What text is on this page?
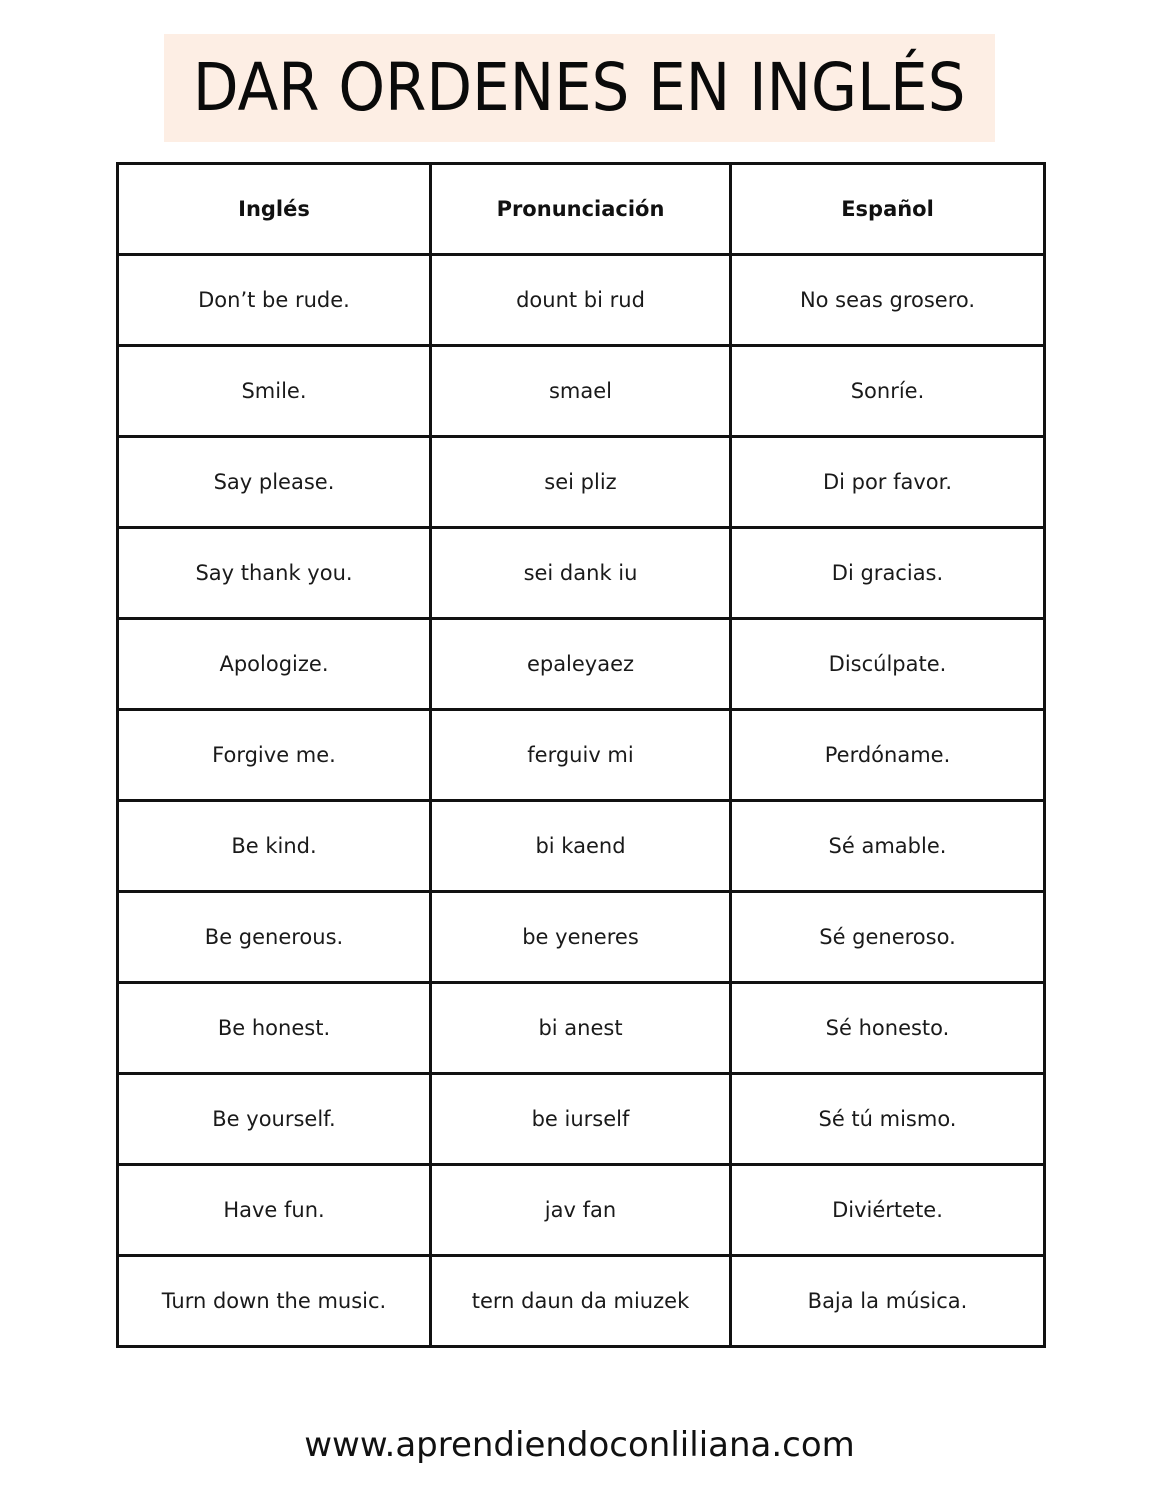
DAR ORDENES EN INGLÉS
Inglés	Pronunciación	Español
Don’t be rude.	dount bi rud	No seas grosero.
Smile.	smael	Sonríe.
Say please.	sei pliz	Di por favor.
Say thank you.	sei dank iu	Di gracias.
Apologize.	epaleyaez	Discúlpate.
Forgive me.	ferguiv mi	Perdóname.
Be kind.	bi kaend	Sé amable.
Be generous.	be yeneres	Sé generoso.
Be honest.	bi anest	Sé honesto.
Be yourself.	be iurself	Sé tú mismo.
Have fun.	jav fan	Diviértete.
Turn down the music.	tern daun da miuzek	Baja la música.
www.aprendiendoconliliana.com
